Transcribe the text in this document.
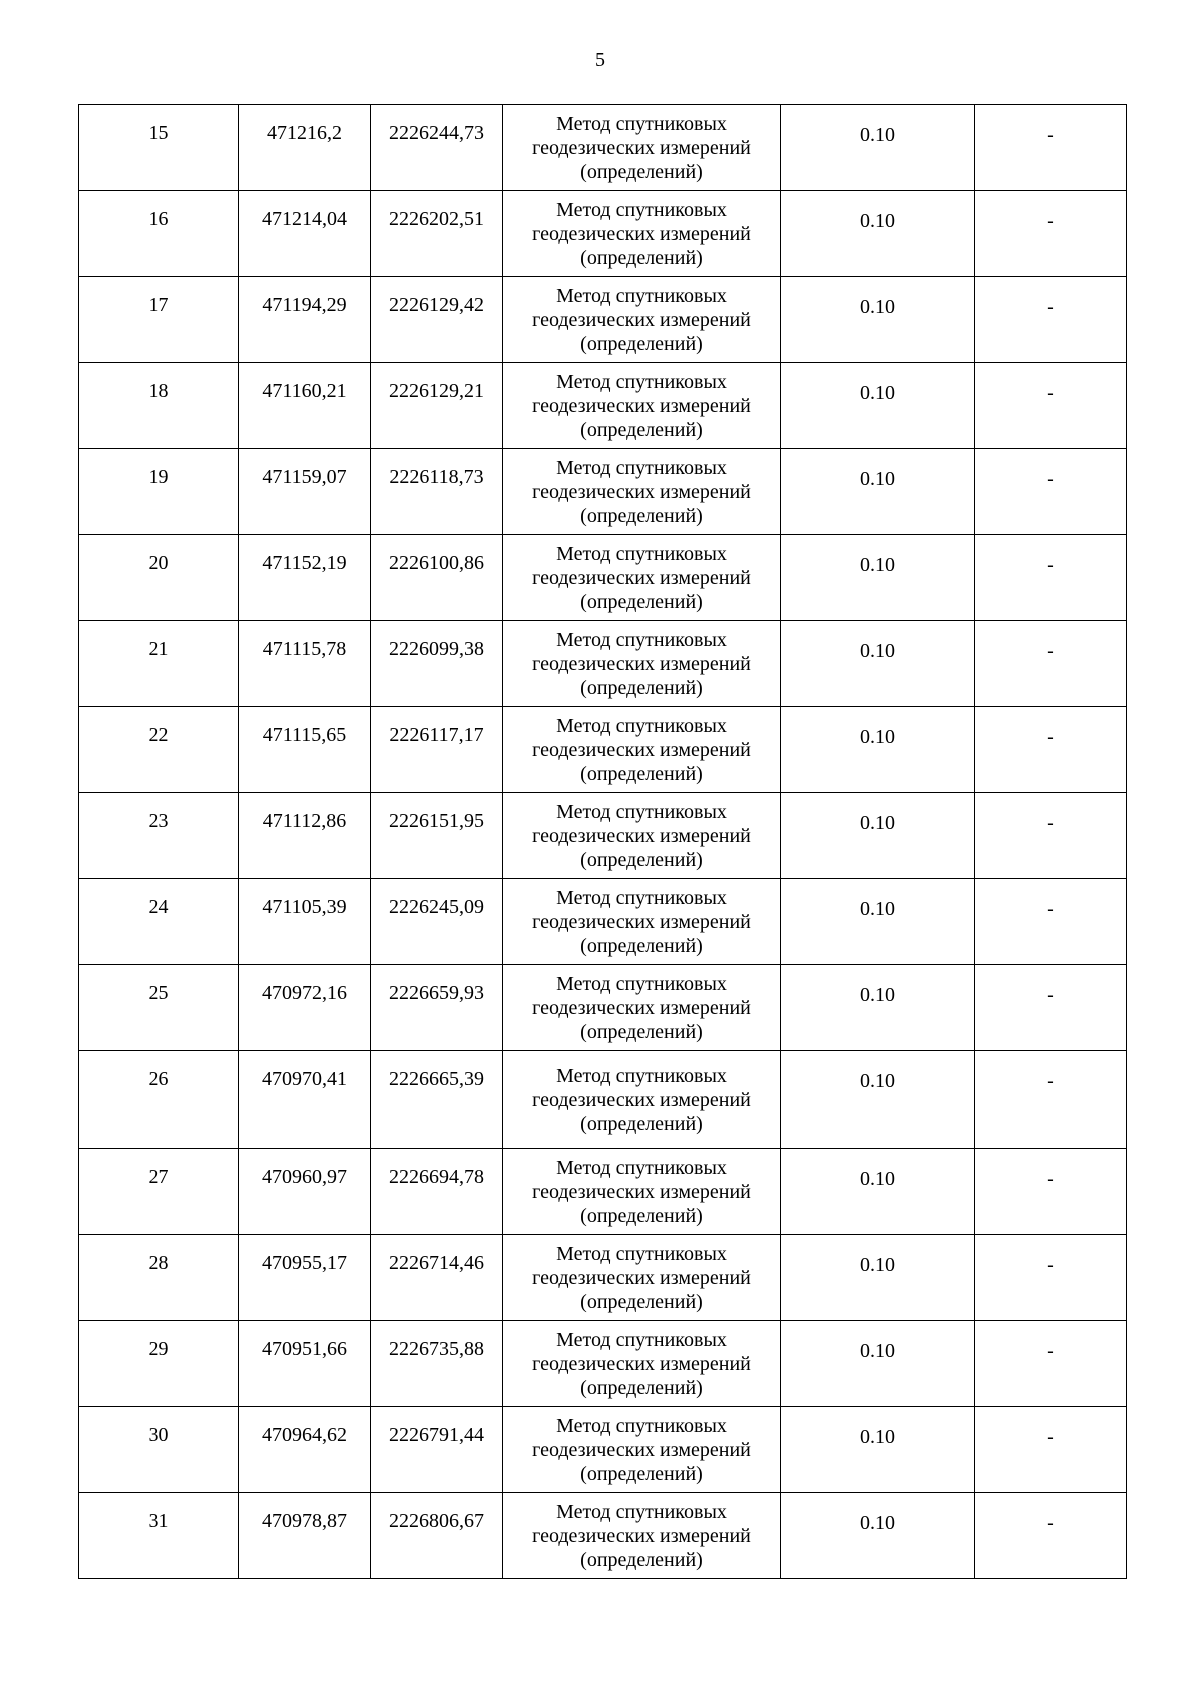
5
15	471216,2	2226244,73	Метод спутниковых
геодезических измерений
(определений)	0.10	-
16	471214,04	2226202,51	Метод спутниковых
геодезических измерений
(определений)	0.10	-
17	471194,29	2226129,42	Метод спутниковых
геодезических измерений
(определений)	0.10	-
18	471160,21	2226129,21	Метод спутниковых
геодезических измерений
(определений)	0.10	-
19	471159,07	2226118,73	Метод спутниковых
геодезических измерений
(определений)	0.10	-
20	471152,19	2226100,86	Метод спутниковых
геодезических измерений
(определений)	0.10	-
21	471115,78	2226099,38	Метод спутниковых
геодезических измерений
(определений)	0.10	-
22	471115,65	2226117,17	Метод спутниковых
геодезических измерений
(определений)	0.10	-
23	471112,86	2226151,95	Метод спутниковых
геодезических измерений
(определений)	0.10	-
24	471105,39	2226245,09	Метод спутниковых
геодезических измерений
(определений)	0.10	-
25	470972,16	2226659,93	Метод спутниковых
геодезических измерений
(определений)	0.10	-
26	470970,41	2226665,39	Метод спутниковых
геодезических измерений
(определений)	0.10	-
27	470960,97	2226694,78	Метод спутниковых
геодезических измерений
(определений)	0.10	-
28	470955,17	2226714,46	Метод спутниковых
геодезических измерений
(определений)	0.10	-
29	470951,66	2226735,88	Метод спутниковых
геодезических измерений
(определений)	0.10	-
30	470964,62	2226791,44	Метод спутниковых
геодезических измерений
(определений)	0.10	-
31	470978,87	2226806,67	Метод спутниковых
геодезических измерений
(определений)	0.10	-
